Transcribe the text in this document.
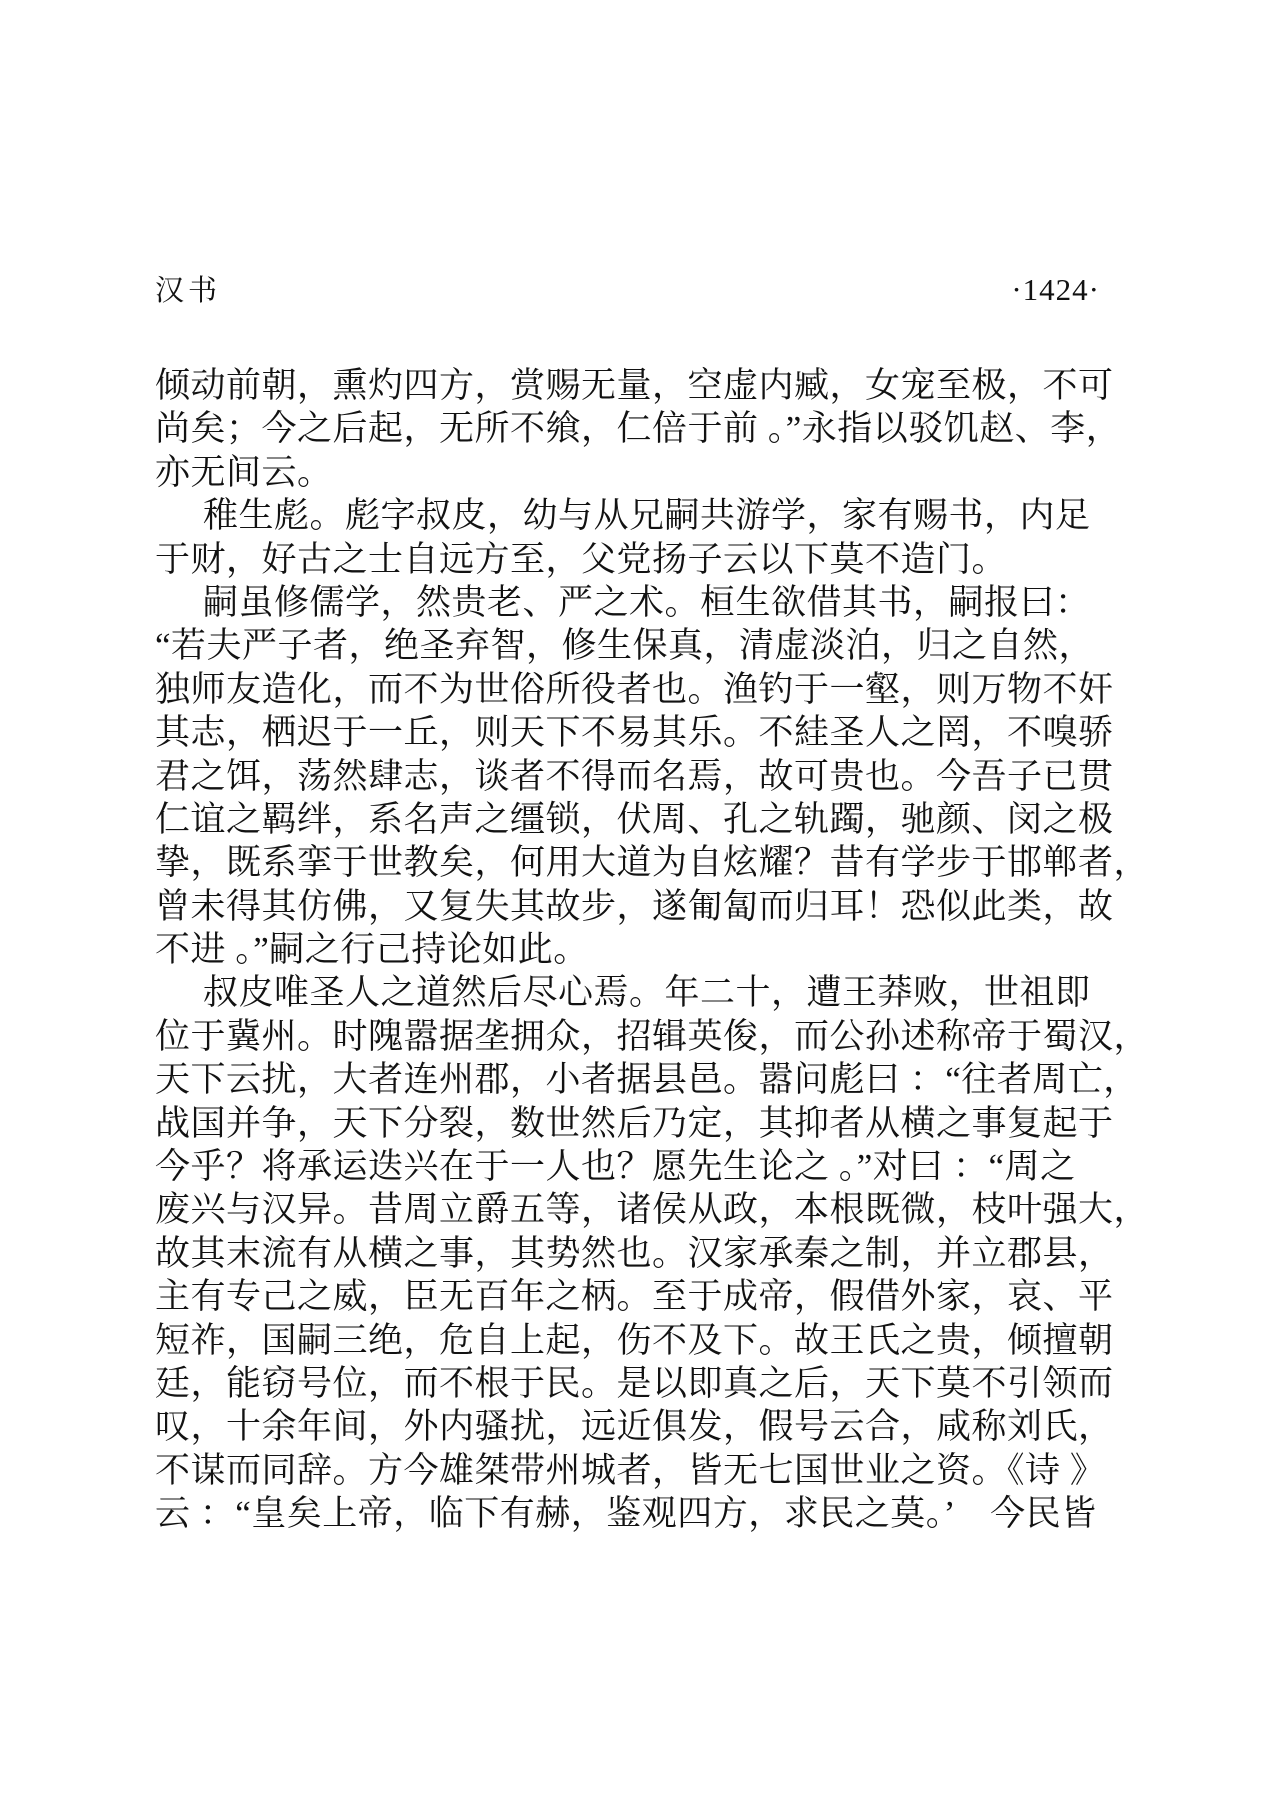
汉书	·1424·
倾动前朝，熏灼四方，赏赐无量，空虚内臧，女宠至极，不可
尚矣；今之后起，无所不飨，仁倍于前 。”永指以驳饥赵、李，
亦无间云。
稚生彪。彪字叔皮，幼与从兄嗣共游学，家有赐书，内足
于财，好古之士自远方至，父党扬子云以下莫不造门。
嗣虽修儒学，然贵老、严之术。桓生欲借其书，嗣报曰：
“若夫严子者，绝圣弃智，修生保真，清虚淡泊，归之自然，
独师友造化，而不为世俗所役者也。渔钓于一壑，则万物不奸
其志，栖迟于一丘，则天下不易其乐。不絓圣人之罔，不嗅骄
君之饵，荡然肆志，谈者不得而名焉，故可贵也。今吾子已贯
仁谊之羁绊，系名声之缰锁，伏周、孔之轨躅，驰颜、闵之极
挚，既系挛于世教矣，何用大道为自炫耀？昔有学步于邯郸者，
曾未得其仿佛，又复失其故步，遂匍匐而归耳！恐似此类，故
不进 。”嗣之行己持论如此。
叔皮唯圣人之道然后尽心焉。年二十，遭王莽败，世祖即
位于冀州。时隗嚣据垄拥众，招辑英俊，而公孙述称帝于蜀汉，
天下云扰，大者连州郡，小者据县邑。嚣问彪曰 ：“往者周亡，
战国并争，天下分裂，数世然后乃定，其抑者从横之事复起于
今乎？将承运迭兴在于一人也？愿先生论之 。”对曰 ：“周之
废兴与汉异。昔周立爵五等，诸侯从政，本根既微，枝叶强大，
故其末流有从横之事，其势然也。汉家承秦之制，并立郡县，
主有专己之威，臣无百年之柄。至于成帝，假借外家，哀、平
短祚，国嗣三绝，危自上起，伤不及下。故王氏之贵，倾擅朝
廷，能窃号位，而不根于民。是以即真之后，天下莫不引领而
叹，十余年间，外内骚扰，远近俱发，假号云合，咸称刘氏，
不谋而同辞。方今雄桀带州城者，皆无七国世业之资。《诗 》
云 ：“皇矣上帝，临下有赫，鉴观四方，求民之莫。’　今民皆
